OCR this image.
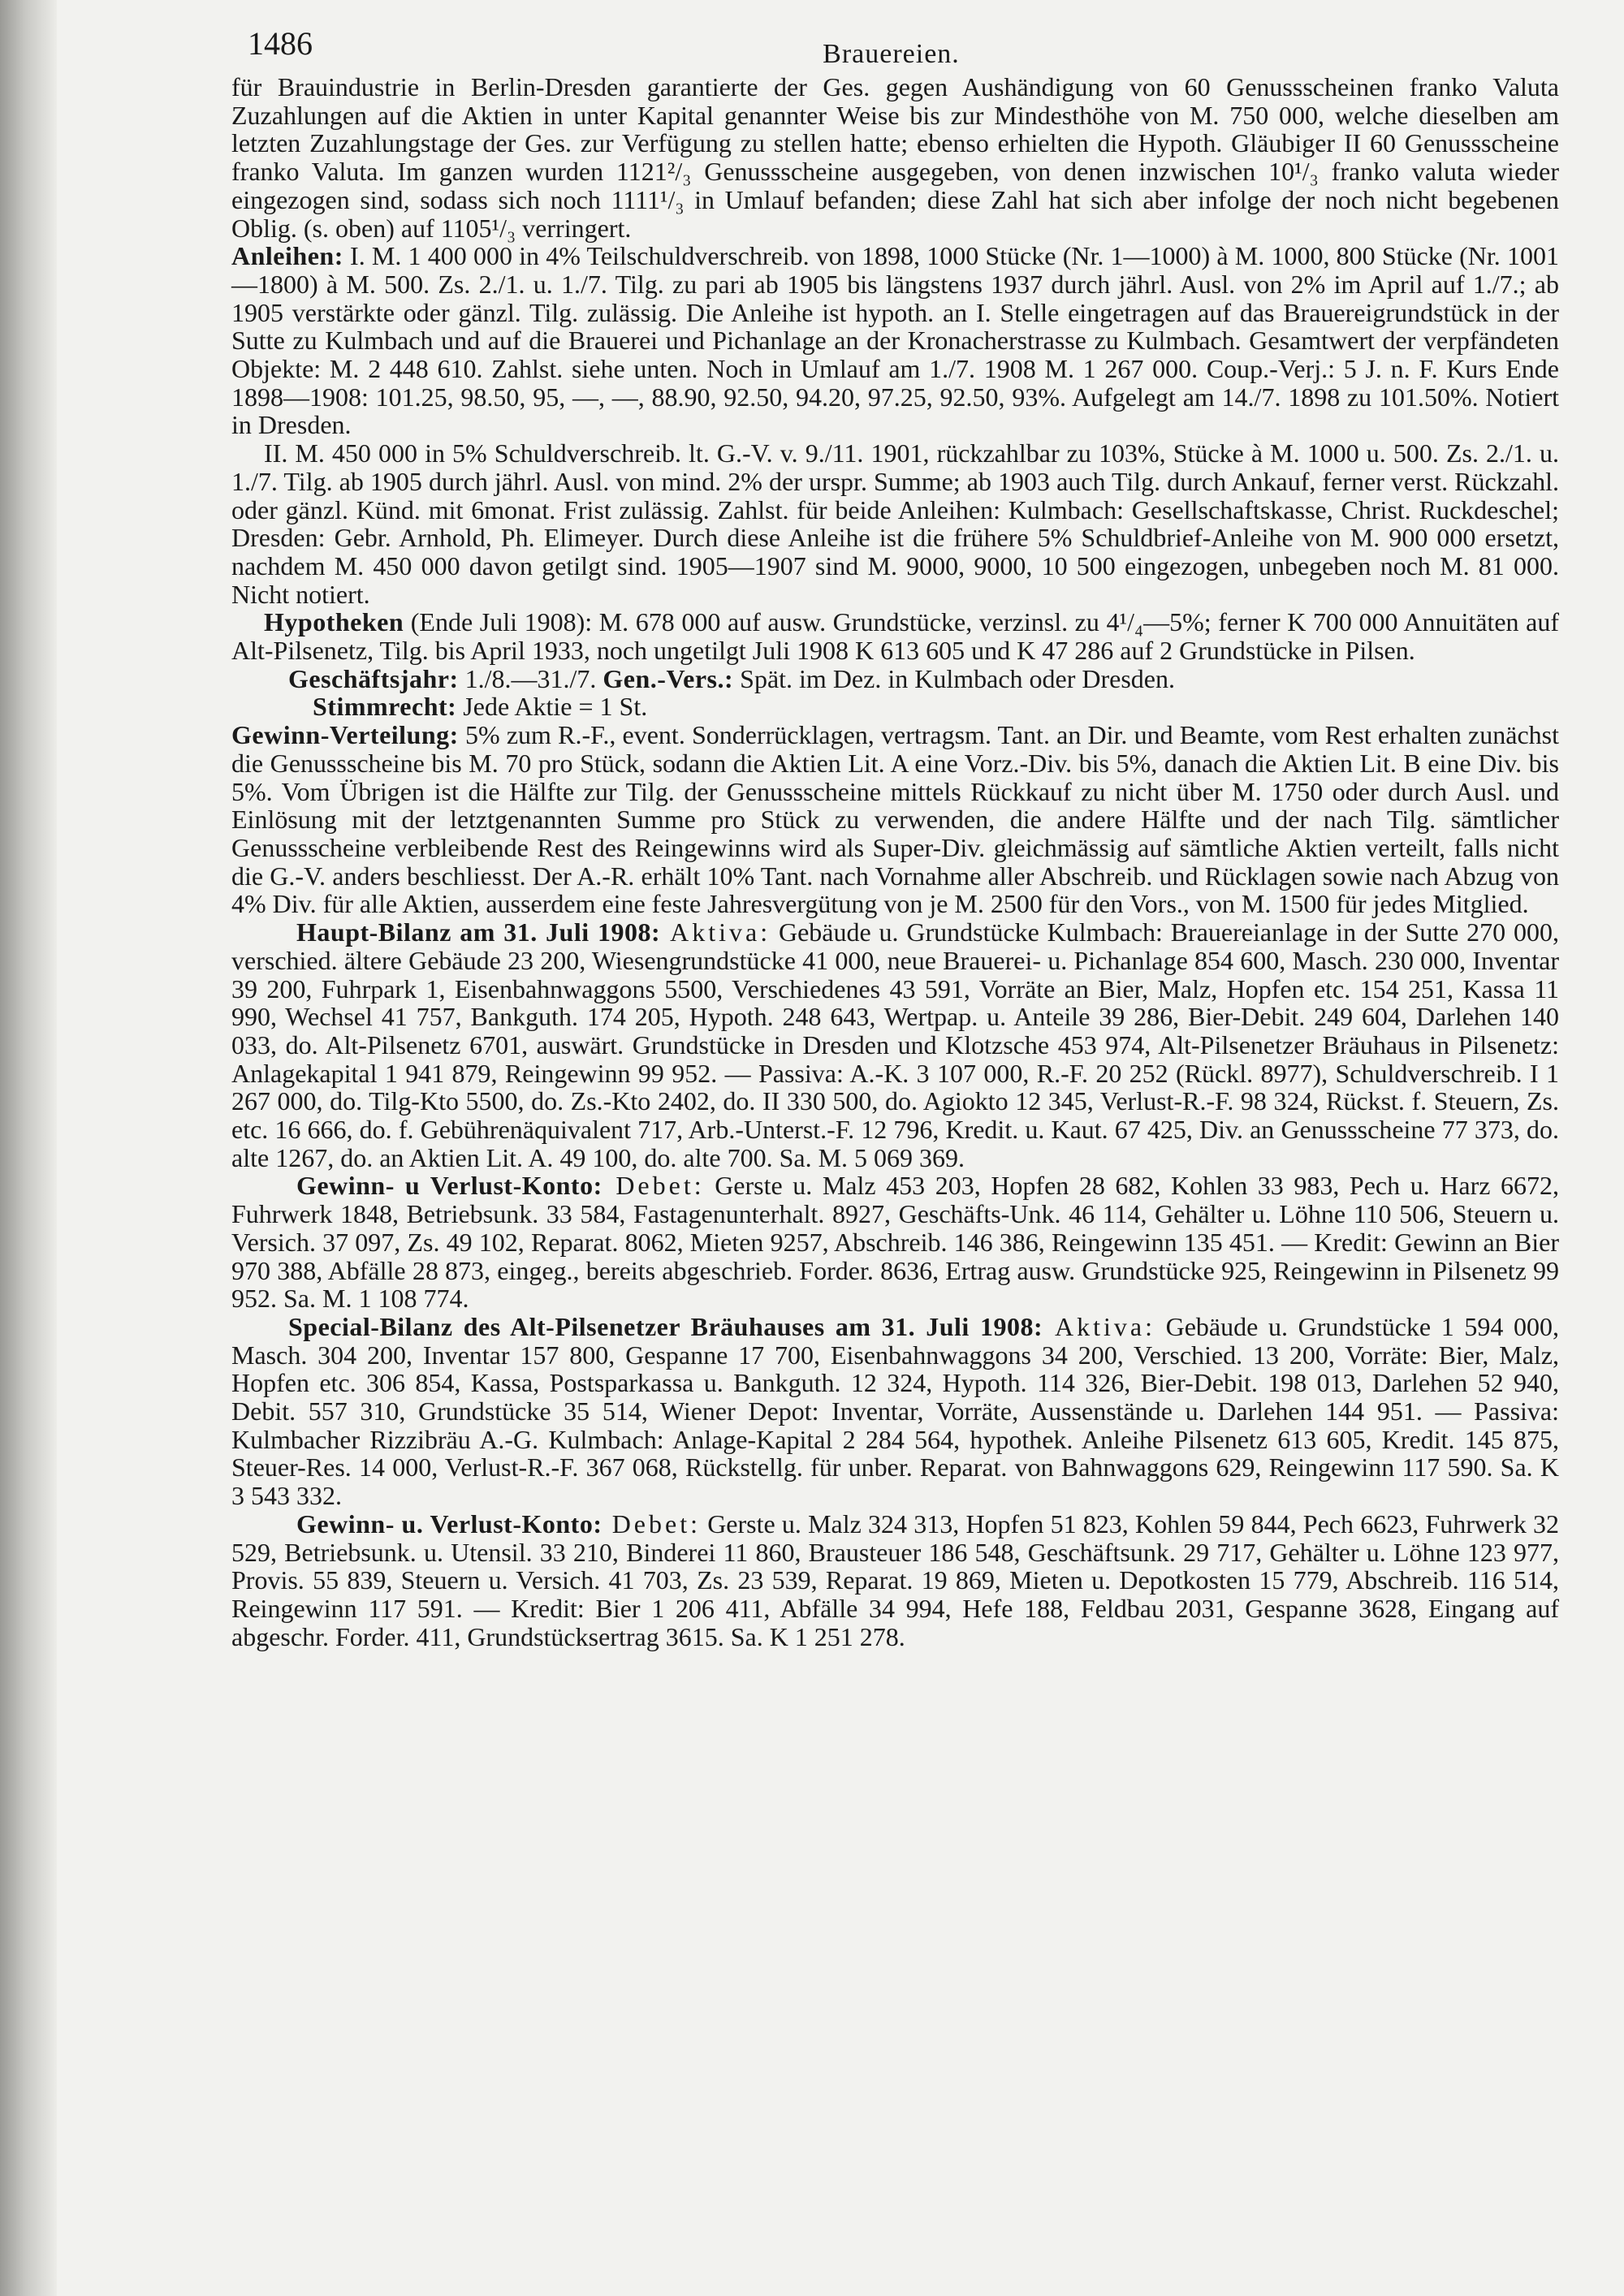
1486	Brauereien.

für Brauindustrie in Berlin-Dresden garantierte der Ges. gegen Aushändigung von 60 Genussscheinen franko Valuta Zuzahlungen auf die Aktien in unter Kapital genannter Weise bis zur Mindesthöhe von M. 750 000, welche dieselben am letzten Zuzahlungstage der Ges. zur Verfügung zu stellen hatte; ebenso erhielten die Hypoth. Gläubiger II 60 Genussscheine franko Valuta. Im ganzen wurden 1121²/₃ Genussscheine ausgegeben, von denen inzwischen 10¹/₃ franko valuta wieder eingezogen sind, sodass sich noch 1111¹/₃ in Umlauf befanden; diese Zahl hat sich aber infolge der noch nicht begebenen Oblig. (s. oben) auf 1105¹/₃ verringert.

Anleihen: I. M. 1 400 000 in 4% Teilschuldverschreib. von 1898, 1000 Stücke (Nr. 1—1000) à M. 1000, 800 Stücke (Nr. 1001—1800) à M. 500. Zs. 2./1. u. 1./7. Tilg. zu pari ab 1905 bis längstens 1937 durch jährl. Ausl. von 2% im April auf 1./7.; ab 1905 verstärkte oder gänzl. Tilg. zulässig. Die Anleihe ist hypoth. an I. Stelle eingetragen auf das Brauereigrundstück in der Sutte zu Kulmbach und auf die Brauerei und Pichanlage an der Kronacherstrasse zu Kulmbach. Gesamtwert der verpfändeten Objekte: M. 2 448 610. Zahlst. siehe unten. Noch in Umlauf am 1./7. 1908 M. 1 267 000. Coup.-Verj.: 5 J. n. F. Kurs Ende 1898—1908: 101.25, 98.50, 95, —, —, 88.90, 92.50, 94.20, 97.25, 92.50, 93%. Aufgelegt am 14./7. 1898 zu 101.50%. Notiert in Dresden.

II. M. 450 000 in 5% Schuldverschreib. lt. G.-V. v. 9./11. 1901, rückzahlbar zu 103%, Stücke à M. 1000 u. 500. Zs. 2./1. u. 1./7. Tilg. ab 1905 durch jährl. Ausl. von mind. 2% der urspr. Summe; ab 1903 auch Tilg. durch Ankauf, ferner verst. Rückzahl. oder gänzl. Künd. mit 6monat. Frist zulässig. Zahlst. für beide Anleihen: Kulmbach: Gesellschaftskasse, Christ. Ruckdeschel; Dresden: Gebr. Arnhold, Ph. Elimeyer. Durch diese Anleihe ist die frühere 5% Schuldbrief-Anleihe von M. 900 000 ersetzt, nachdem M. 450 000 davon getilgt sind. 1905—1907 sind M. 9000, 9000, 10 500 eingezogen, unbegeben noch M. 81 000. Nicht notiert.

Hypotheken (Ende Juli 1908): M. 678 000 auf ausw. Grundstücke, verzinsl. zu 4¹/₄—5%; ferner K 700 000 Annuitäten auf Alt-Pilsenetz, Tilg. bis April 1933, noch ungetilgt Juli 1908 K 613 605 und K 47 286 auf 2 Grundstücke in Pilsen.

Geschäftsjahr: 1./8.—31./7. Gen.-Vers.: Spät. im Dez. in Kulmbach oder Dresden.

Stimmrecht: Jede Aktie = 1 St.

Gewinn-Verteilung: 5% zum R.-F., event. Sonderrücklagen, vertragsm. Tant. an Dir. und Beamte, vom Rest erhalten zunächst die Genussscheine bis M. 70 pro Stück, sodann die Aktien Lit. A eine Vorz.-Div. bis 5%, danach die Aktien Lit. B eine Div. bis 5%. Vom Übrigen ist die Hälfte zur Tilg. der Genussscheine mittels Rückkauf zu nicht über M. 1750 oder durch Ausl. und Einlösung mit der letztgenannten Summe pro Stück zu verwenden, die andere Hälfte und der nach Tilg. sämtlicher Genussscheine verbleibende Rest des Reingewinns wird als Super-Div. gleichmässig auf sämtliche Aktien verteilt, falls nicht die G.-V. anders beschliesst. Der A.-R. erhält 10% Tant. nach Vornahme aller Abschreib. und Rücklagen sowie nach Abzug von 4% Div. für alle Aktien, ausserdem eine feste Jahresvergütung von je M. 2500 für den Vors., von M. 1500 für jedes Mitglied.

Haupt-Bilanz am 31. Juli 1908: Aktiva: Gebäude u. Grundstücke Kulmbach: Brauereianlage in der Sutte 270 000, verschied. ältere Gebäude 23 200, Wiesengrundstücke 41 000, neue Brauerei- u. Pichanlage 854 600, Masch. 230 000, Inventar 39 200, Fuhrpark 1, Eisenbahnwaggons 5500, Verschiedenes 43 591, Vorräte an Bier, Malz, Hopfen etc. 154 251, Kassa 11 990, Wechsel 41 757, Bankguth. 174 205, Hypoth. 248 643, Wertpap. u. Anteile 39 286, Bier-Debit. 249 604, Darlehen 140 033, do. Alt-Pilsenetz 6701, auswärt. Grundstücke in Dresden und Klotzsche 453 974, Alt-Pilsenetzer Bräuhaus in Pilsenetz: Anlagekapital 1 941 879, Reingewinn 99 952. — Passiva: A.-K. 3 107 000, R.-F. 20 252 (Rückl. 8977), Schuldverschreib. I 1 267 000, do. Tilg-Kto 5500, do. Zs.-Kto 2402, do. II 330 500, do. Agiokto 12 345, Verlust-R.-F. 98 324, Rückst. f. Steuern, Zs. etc. 16 666, do. f. Gebührenäquivalent 717, Arb.-Unterst.-F. 12 796, Kredit. u. Kaut. 67 425, Div. an Genussscheine 77 373, do. alte 1267, do. an Aktien Lit. A. 49 100, do. alte 700. Sa. M. 5 069 369.

Gewinn- u Verlust-Konto: Debet: Gerste u. Malz 453 203, Hopfen 28 682, Kohlen 33 983, Pech u. Harz 6672, Fuhrwerk 1848, Betriebsunk. 33 584, Fastagenunterhalt. 8927, Geschäfts-Unk. 46 114, Gehälter u. Löhne 110 506, Steuern u. Versich. 37 097, Zs. 49 102, Reparat. 8062, Mieten 9257, Abschreib. 146 386, Reingewinn 135 451. — Kredit: Gewinn an Bier 970 388, Abfälle 28 873, eingeg., bereits abgeschrieb. Forder. 8636, Ertrag ausw. Grundstücke 925, Reingewinn in Pilsenetz 99 952. Sa. M. 1 108 774.

Special-Bilanz des Alt-Pilsenetzer Bräuhauses am 31. Juli 1908: Aktiva: Gebäude u. Grundstücke 1 594 000, Masch. 304 200, Inventar 157 800, Gespanne 17 700, Eisenbahnwaggons 34 200, Verschied. 13 200, Vorräte: Bier, Malz, Hopfen etc. 306 854, Kassa, Postsparkassa u. Bankguth. 12 324, Hypoth. 114 326, Bier-Debit. 198 013, Darlehen 52 940, Debit. 557 310, Grundstücke 35 514, Wiener Depot: Inventar, Vorräte, Aussenstände u. Darlehen 144 951. — Passiva: Kulmbacher Rizzibräu A.-G. Kulmbach: Anlage-Kapital 2 284 564, hypothek. Anleihe Pilsenetz 613 605, Kredit. 145 875, Steuer-Res. 14 000, Verlust-R.-F. 367 068, Rückstellg. für unber. Reparat. von Bahnwaggons 629, Reingewinn 117 590. Sa. K 3 543 332.

Gewinn- u. Verlust-Konto: Debet: Gerste u. Malz 324 313, Hopfen 51 823, Kohlen 59 844, Pech 6623, Fuhrwerk 32 529, Betriebsunk. u. Utensil. 33 210, Binderei 11 860, Brausteuer 186 548, Geschäftsunk. 29 717, Gehälter u. Löhne 123 977, Provis. 55 839, Steuern u. Versich. 41 703, Zs. 23 539, Reparat. 19 869, Mieten u. Depotkosten 15 779, Abschreib. 116 514, Reingewinn 117 591. — Kredit: Bier 1 206 411, Abfälle 34 994, Hefe 188, Feldbau 2031, Gespanne 3628, Eingang auf abgeschr. Forder. 411, Grundstücksertrag 3615. Sa. K 1 251 278.
